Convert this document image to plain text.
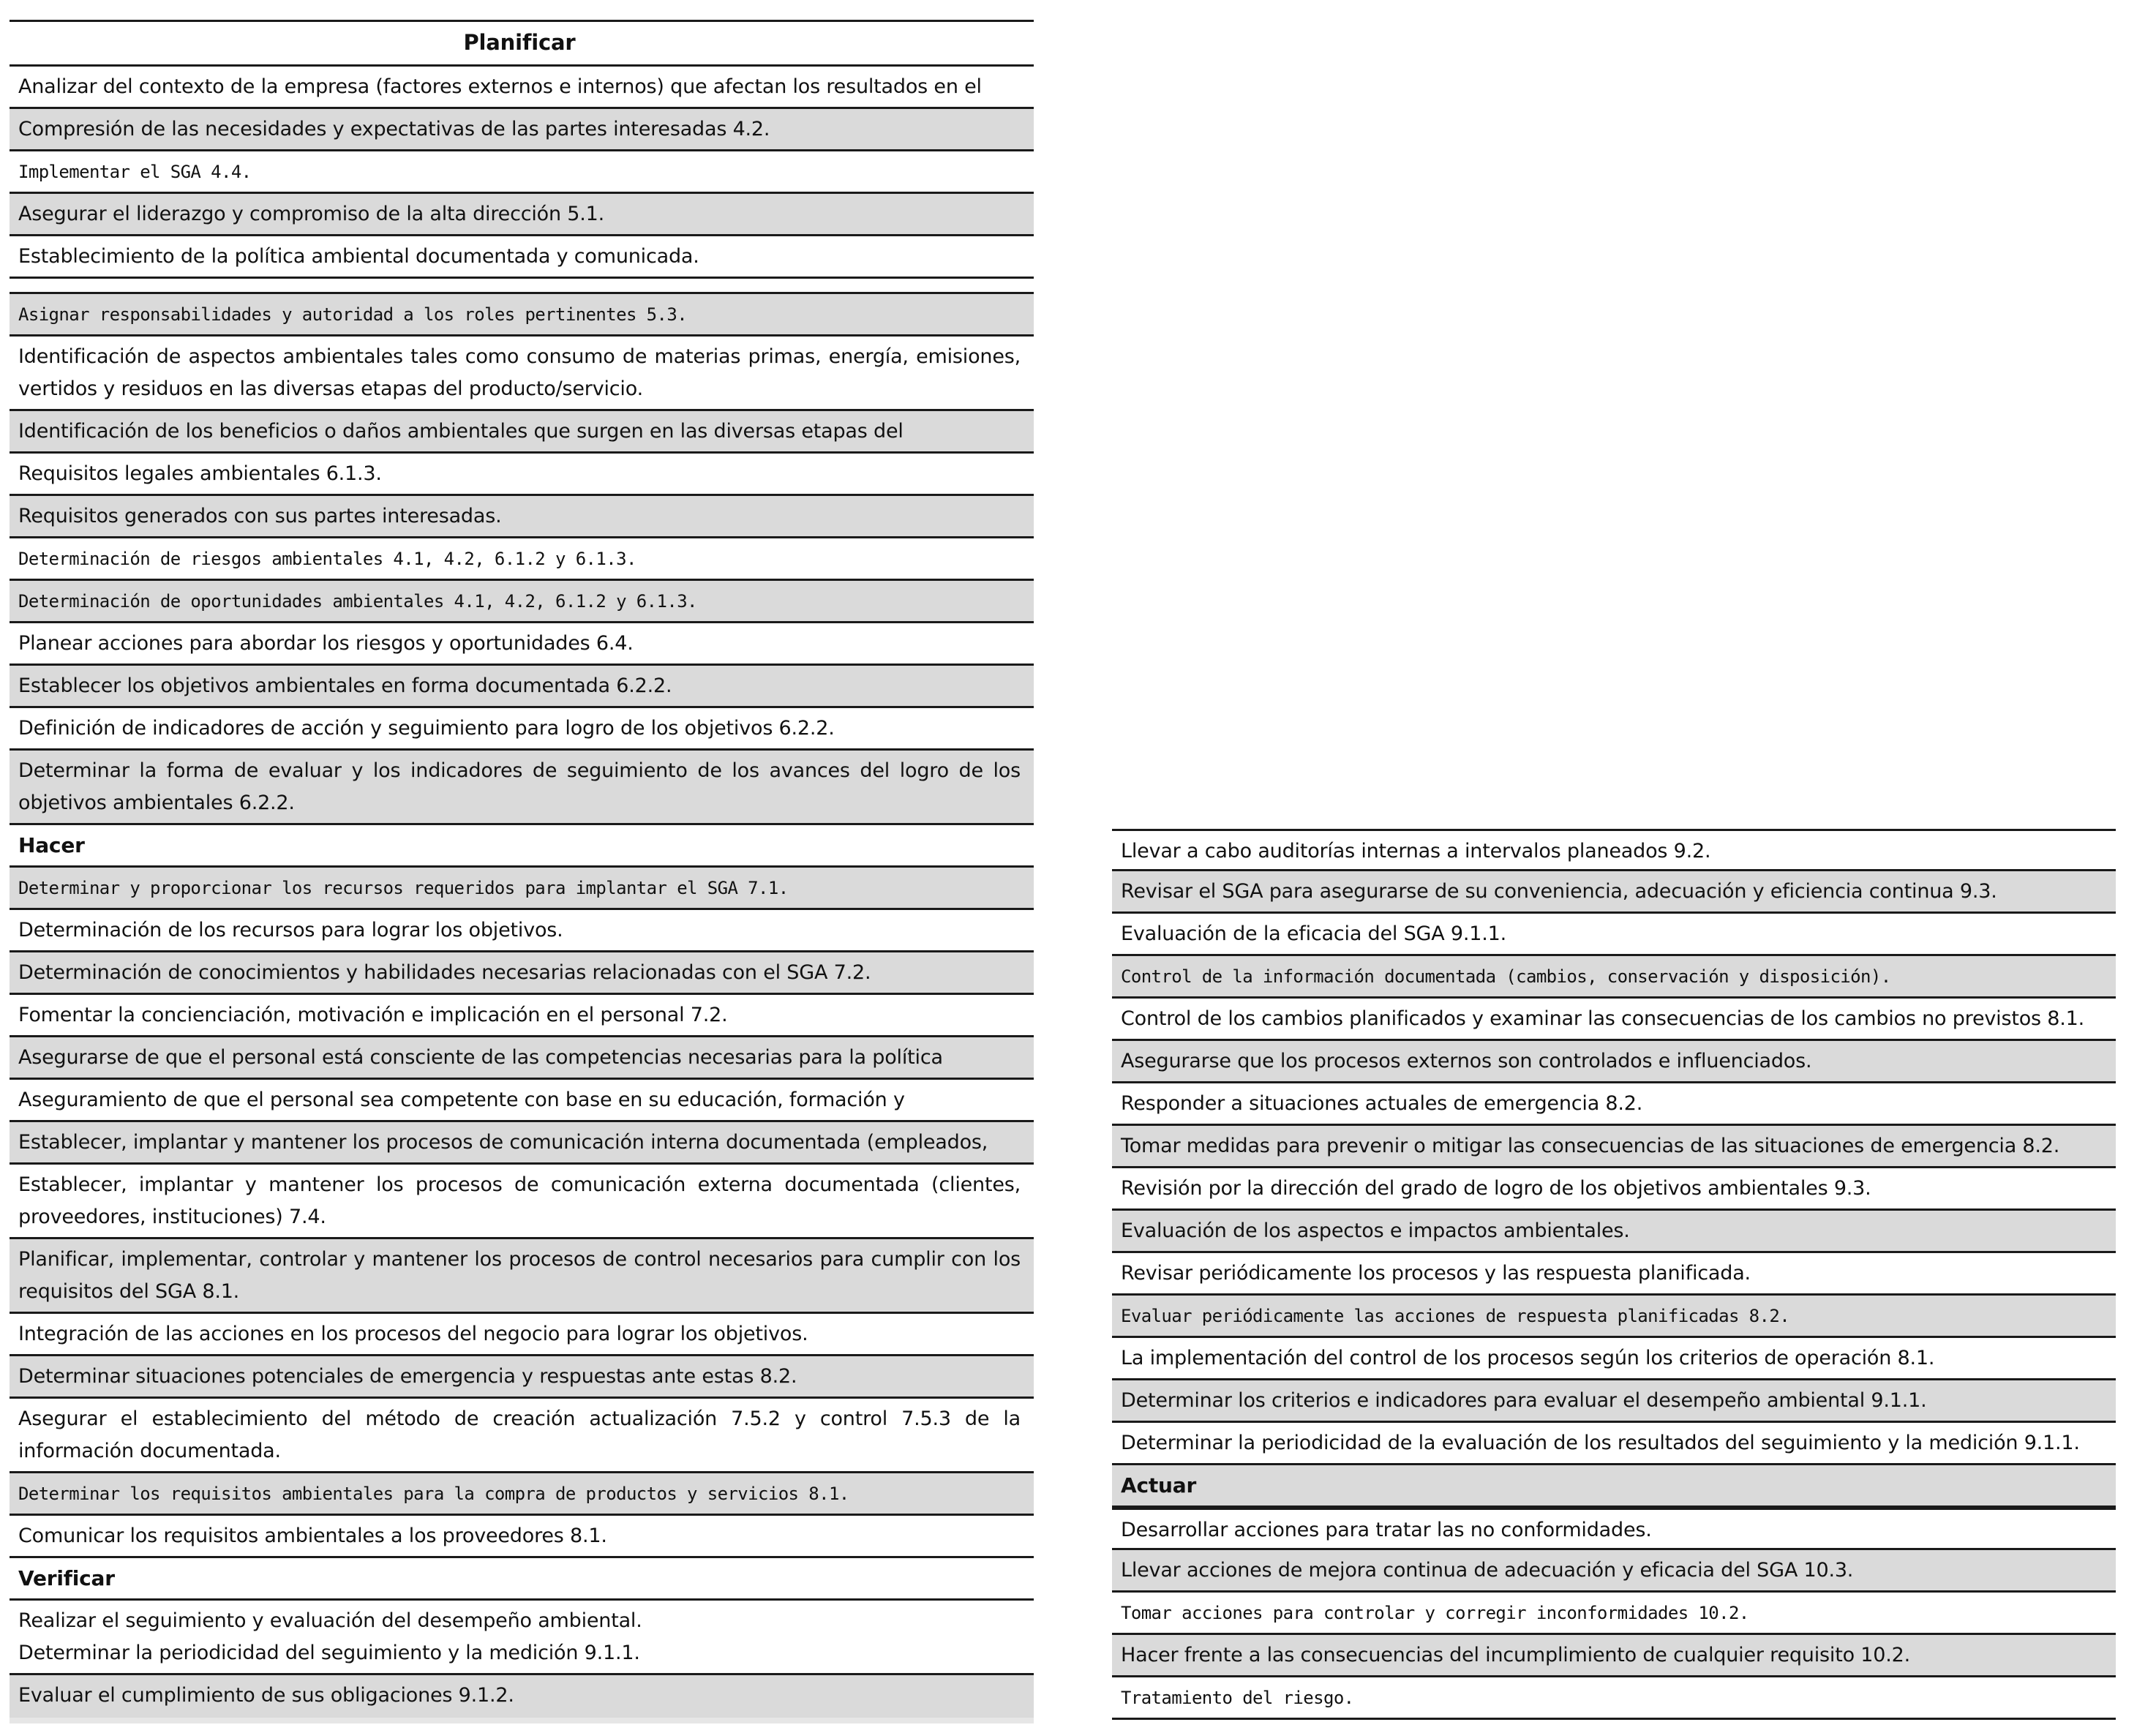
Planificar
Analizar del contexto de la empresa (factores externos e internos) que afectan los resultados en el
Compresión de las necesidades y expectativas de las partes interesadas 4.2.
Implementar el SGA 4.4.
Asegurar el liderazgo y compromiso de la alta dirección 5.1.
Establecimiento de la política ambiental documentada y comunicada.
Asignar responsabilidades y autoridad a los roles pertinentes 5.3.
Identificación de aspectos ambientales tales como consumo de materias primas, energía, emisiones, vertidos y residuos en las diversas etapas del producto/servicio.
Identificación de los beneficios o daños ambientales que surgen en las diversas etapas del
Requisitos legales ambientales 6.1.3.
Requisitos generados con sus partes interesadas.
Determinación de riesgos ambientales 4.1, 4.2, 6.1.2 y 6.1.3.
Determinación de oportunidades ambientales 4.1, 4.2, 6.1.2 y 6.1.3.
Planear acciones para abordar los riesgos y oportunidades 6.4.
Establecer los objetivos ambientales en forma documentada 6.2.2.
Definición de indicadores de acción y seguimiento para logro de los objetivos 6.2.2.
Determinar la forma de evaluar y los indicadores de seguimiento de los avances del logro de los objetivos ambientales 6.2.2.
Hacer
Determinar y proporcionar los recursos requeridos para implantar el SGA 7.1.
Determinación de los recursos para lograr los objetivos.
Determinación de conocimientos y habilidades necesarias relacionadas con el SGA 7.2.
Fomentar la concienciación, motivación e implicación en el personal 7.2.
Asegurarse de que el personal está consciente de las competencias necesarias para la política
Aseguramiento de que el personal sea competente con base en su educación, formación y
Establecer, implantar y mantener los procesos de comunicación interna documentada (empleados,
Establecer, implantar y mantener los procesos de comunicación externa documentada (clientes, proveedores, instituciones) 7.4.
Planificar, implementar, controlar y mantener los procesos de control necesarios para cumplir con los requisitos del SGA 8.1.
Integración de las acciones en los procesos del negocio para lograr los objetivos.
Determinar situaciones potenciales de emergencia y respuestas ante estas 8.2.
Asegurar el establecimiento del método de creación actualización 7.5.2 y control 7.5.3 de la información documentada.
Determinar los requisitos ambientales para la compra de productos y servicios 8.1.
Comunicar los requisitos ambientales a los proveedores 8.1.
Verificar
Realizar el seguimiento y evaluación del desempeño ambiental.
Determinar la periodicidad del seguimiento y la medición 9.1.1.
Evaluar el cumplimiento de sus obligaciones 9.1.2.
Llevar a cabo auditorías internas a intervalos planeados 9.2.
Revisar el SGA para asegurarse de su conveniencia, adecuación y eficiencia continua 9.3.
Evaluación de la eficacia del SGA 9.1.1.
Control de la información documentada (cambios, conservación y disposición).
Control de los cambios planificados y examinar las consecuencias de los cambios no previstos 8.1.
Asegurarse que los procesos externos son controlados e influenciados.
Responder a situaciones actuales de emergencia 8.2.
Tomar medidas para prevenir o mitigar las consecuencias de las situaciones de emergencia 8.2.
Revisión por la dirección del grado de logro de los objetivos ambientales 9.3.
Evaluación de los aspectos e impactos ambientales.
Revisar periódicamente los procesos y las respuesta planificada.
Evaluar periódicamente las acciones de respuesta planificadas 8.2.
La implementación del control de los procesos según los criterios de operación 8.1.
Determinar los criterios e indicadores para evaluar el desempeño ambiental 9.1.1.
Determinar la periodicidad de la evaluación de los resultados del seguimiento y la medición 9.1.1.
Actuar
Desarrollar acciones para tratar las no conformidades.
Llevar acciones de mejora continua de adecuación y eficacia del SGA 10.3.
Tomar acciones para controlar y corregir inconformidades 10.2.
Hacer frente a las consecuencias del incumplimiento de cualquier requisito 10.2.
Tratamiento del riesgo.
